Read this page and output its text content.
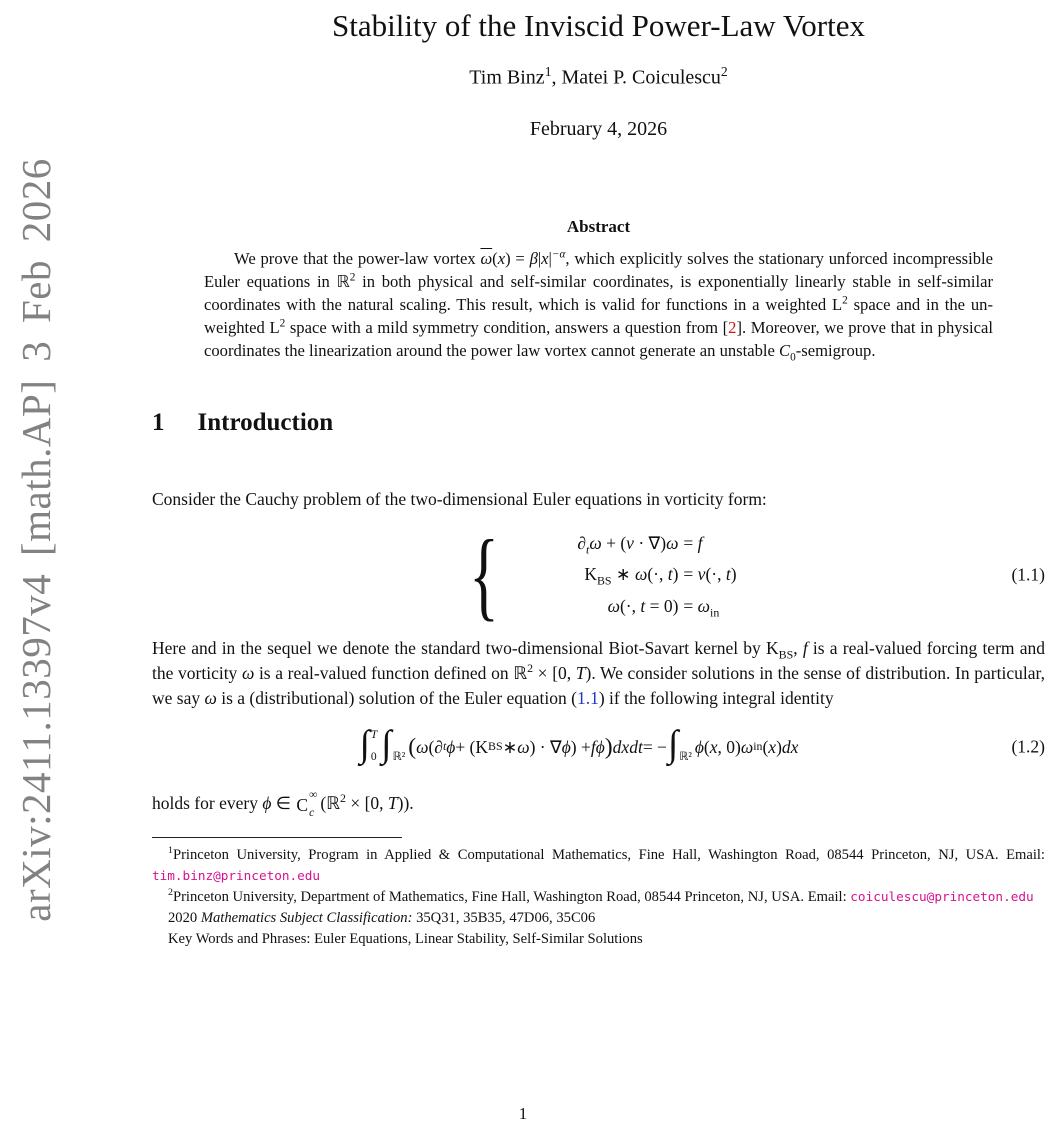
arXiv:2411.13397v4 [math.AP] 3 Feb 2026
Stability of the Inviscid Power-Law Vortex
Tim Binz$^1$, Matei P. Coiculescu$^2$
February 4, 2026
Abstract
We prove that the power-law vortex $\overline{\omega}(x) = \beta|x|^{-\alpha}$, which explicitly solves the stationary unforced incompressible Euler equations in ℝ$^2$ in both physical and self-similar coordinates, is exponentially linearly stable in self-similar coordinates with the natural scaling. This result, which is valid for functions in a weighted $L^2$ space and in the un-weighted $L^2$ space with a mild symmetry condition, answers a question from [2]. Moreover, we prove that in physical coordinates the linearization around the power law vortex cannot generate an unstable $C_0$-semigroup.
1 Introduction
Consider the Cauchy problem of the two-dimensional Euler equations in vorticity form:
{	$\partial_t\omega + (v \cdot \nabla)\omega = f$
$K_{BS}$ ∗ ω(·, t) = v(·, t)
ω(·, $t = 0) = \omega_{in}$
(1.1)
Here and in the sequel we denote the standard two-dimensional Biot-Savart kernel by $K_{BS}$, f is a real-valued forcing term and the vorticity ω is a real-valued function defined on ℝ$^2$ × [0, T). We consider solutions in the sense of distribution. In particular, we say ω is a (distributional) solution of the Euler equation (1.1) if the following integral identity
∫ T
0 ∫
ℝ² ( ω (∂ t ϕ + ( K BS ∗ ω ) · ∇ ϕ ) + fϕ ) dxdt = − ∫
ℝ²
ϕ ( x , 0) ω in ( x ) dx	(1.2)
holds for every ϕ ∈ C ∞
c
(ℝ$^2$ × [0, T)).

$^1$Princeton University, Program in Applied & Computational Mathematics, Fine Hall, Washington Road, 08544 Princeton, NJ, USA. Email: tim.binz@princeton.edu

$^2$Princeton University, Department of Mathematics, Fine Hall, Washington Road, 08544 Princeton, NJ, USA. Email: coiculescu@princeton.edu

2020 Mathematics Subject Classification: 35Q31, 35B35, 47D06, 35C06

Key Words and Phrases: Euler Equations, Linear Stability, Self-Similar Solutions

1
